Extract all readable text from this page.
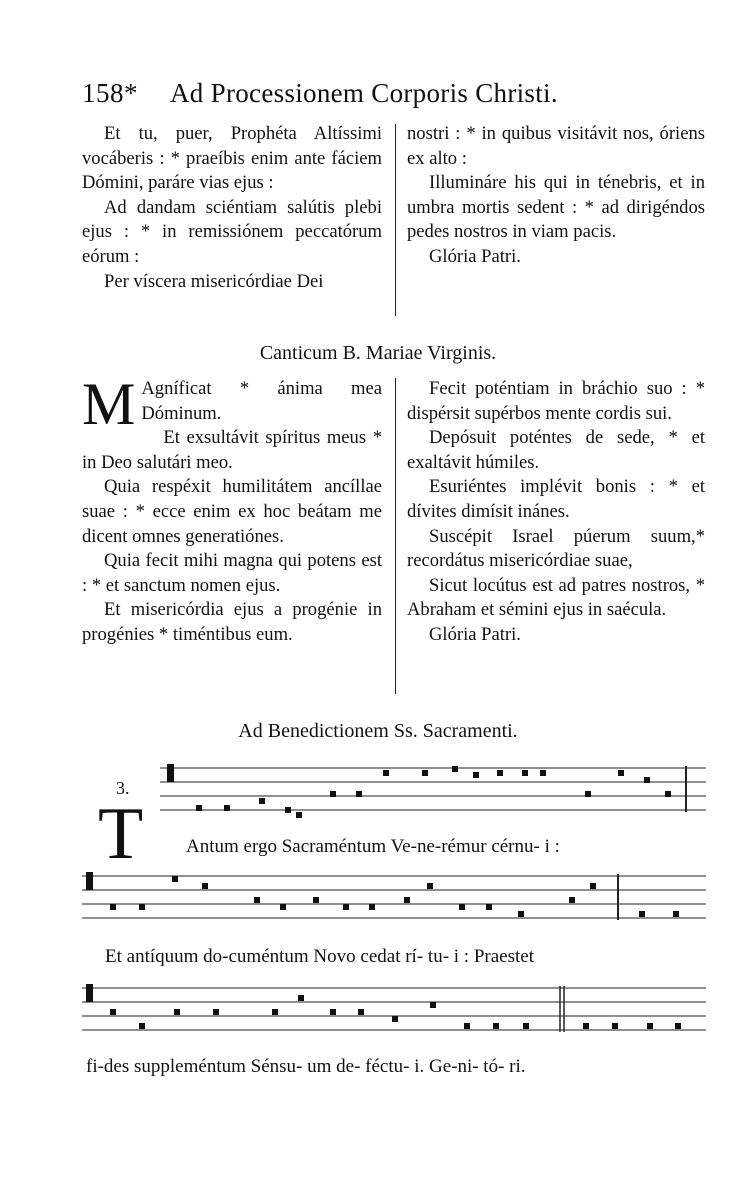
158* Ad Processionem Corporis Christi.

Et tu, puer, Prophéta Altíssimi vocáberis : * praeíbis enim ante fáciem Dómini, paráre vias ejus :

Ad dandam sciéntiam salútis plebi ejus : * in remissiónem peccatórum eórum :

Per víscera misericórdiae Dei

nostri : * in quibus visitávit nos, óriens ex alto :

Illumináre his qui in ténebris, et in umbra mortis sedent : * ad dirigéndos pedes nostros in viam pacis.

Glória Patri.

Canticum B. Mariae Virginis.

M Agníficat * ánima mea Dóminum.

Et exsultávit spíritus meus * in Deo salutári meo.

Quia respéxit humilitátem ancíllae suae : * ecce enim ex hoc beátam me dicent omnes generatiónes.

Quia fecit mihi magna qui potens est : * et sanctum nomen ejus.

Et misericórdia ejus a progénie in progénies * timéntibus eum.

Fecit poténtiam in bráchio suo : * dispérsit supérbos mente cordis sui.

Depósuit poténtes de sede, * et exaltávit húmiles.

Esuriéntes implévit bonis : * et dívites dimísit inánes.

Suscépit Israel púerum suum,* recordátus misericórdiae suae,

Sicut locútus est ad patres nostros, * Abraham et sémini ejus in saécula.

Glória Patri.

Ad Benedictionem Ss. Sacramenti.
3.
T Antum ergo Sacraméntum Ve-ne-rémur cérnu- i :
Et antíquum do-cuméntum Novo cedat rí- tu- i : Praestet
fi-des suppleméntum Sénsu- um de- féctu- i. Ge-ni- tó- ri.
